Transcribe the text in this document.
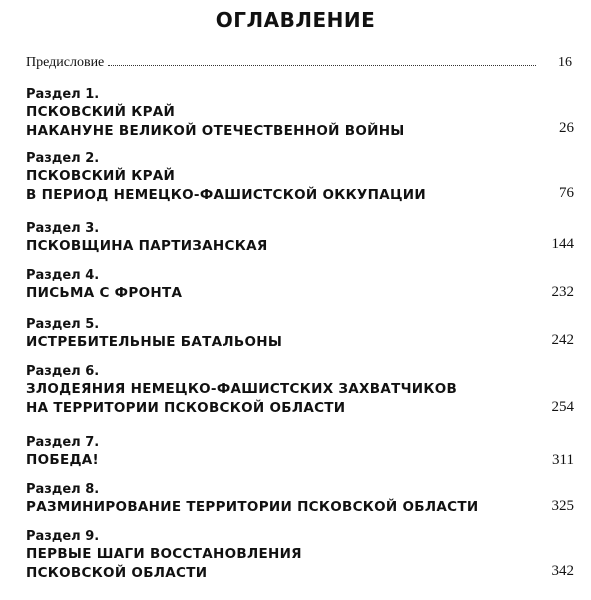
ОГЛАВЛЕНИЕ
Предисловие	16
Раздел 1.
ПСКОВСКИЙ КРАЙ
НАКАНУНЕ ВЕЛИКОЙ ОТЕЧЕСТВЕННОЙ ВОЙНЫ	26
Раздел 2.
ПСКОВСКИЙ КРАЙ
В ПЕРИОД НЕМЕЦКО-ФАШИСТСКОЙ ОККУПАЦИИ	76
Раздел 3.
ПСКОВЩИНА ПАРТИЗАНСКАЯ	144
Раздел 4.
ПИСЬМА С ФРОНТА	232
Раздел 5.
ИСТРЕБИТЕЛЬНЫЕ БАТАЛЬОНЫ	242
Раздел 6.
ЗЛОДЕЯНИЯ НЕМЕЦКО-ФАШИСТСКИХ ЗАХВАТЧИКОВ
НА ТЕРРИТОРИИ ПСКОВСКОЙ ОБЛАСТИ	254
Раздел 7.
ПОБЕДА!	311
Раздел 8.
РАЗМИНИРОВАНИЕ ТЕРРИТОРИИ ПСКОВСКОЙ ОБЛАСТИ	325
Раздел 9.
ПЕРВЫЕ ШАГИ ВОССТАНОВЛЕНИЯ
ПСКОВСКОЙ ОБЛАСТИ	342
